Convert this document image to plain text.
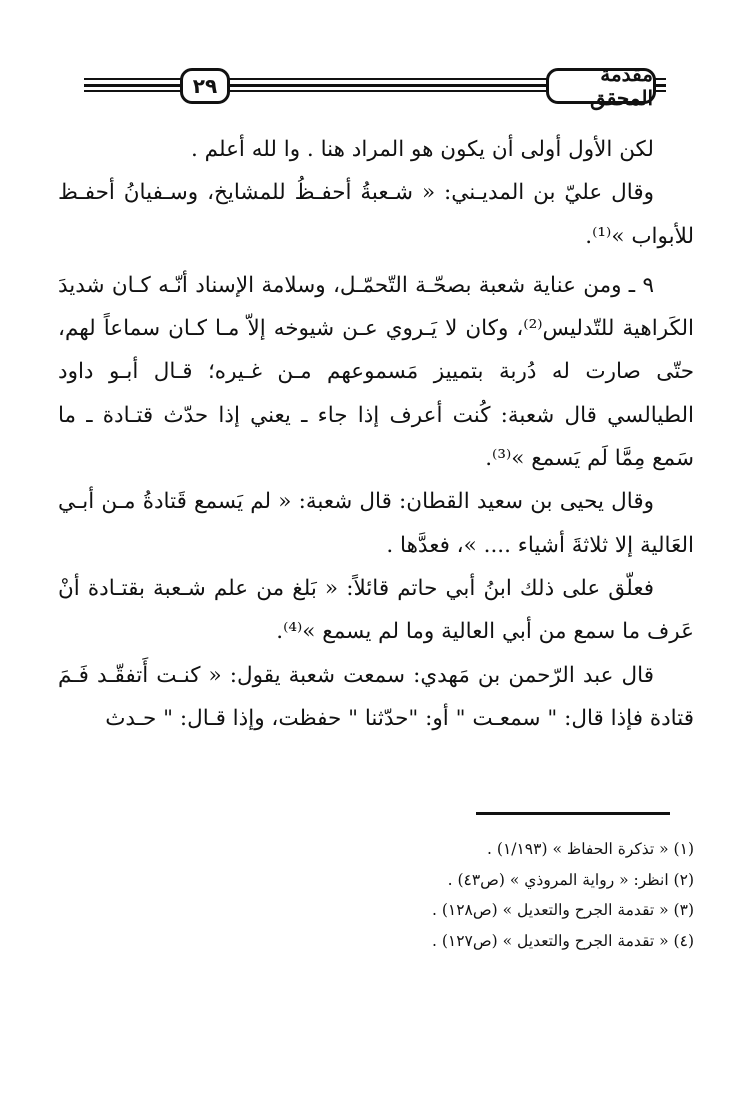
مقدمة المحقق
٢٩

لكن الأول أولى أن يكون هو المراد هنا . وا لله أعلم .

وقال عليّ بن المديـني: « شـعبةُ أحفـظُ للمشايخ، وسـفيانُ أحفـظ للأبواب »⁽¹⁾.

٩ ـ ومن عناية شعبة بصحّـة التّحمّـل، وسلامة الإسناد أنّـه كـان شديدَ الكَراهية للتّدليس⁽²⁾، وكان لا يَـروي عـن شيوخه إلاّ مـا كـان سماعاً لهم، حتّى صارت له دُربة بتمييز مَسموعهم مـن غـيره؛ قـال أبـو داود الطيالسي قال شعبة: كُنت أعرف إذا جاء ـ يعني إذا حدّث قتـادة ـ ما سَمع مِمَّا لَم يَسمع »⁽³⁾.

وقال يحيى بن سعيد القطان: قال شعبة: « لم يَسمع قَتادةُ مـن أبـي العَالية إلا ثلاثةَ أشياء .... »، فعدَّها .

فعلّق على ذلك ابنُ أبي حاتم قائلاً: « بَلغ من علم شـعبة بقتـادة أنْ عَرف ما سمع من أبي العالية وما لم يسمع »⁽⁴⁾.

قال عبد الرّحمن بن مَهدي: سمعت شعبة يقول: « كنـت أَتفقّـد فَـمَ قتادة فإذا قال: " سمعـت " أو: "حدّثنا " حفظت، وإذا قـال: " حـدث

(١) « تذكرة الحفاظ » (١/١٩٣) .

(٢) انظر: « رواية المروذي » (ص٤٣) .

(٣) « تقدمة الجرح والتعديل » (ص١٢٨) .

(٤) « تقدمة الجرح والتعديل » (ص١٢٧) .
